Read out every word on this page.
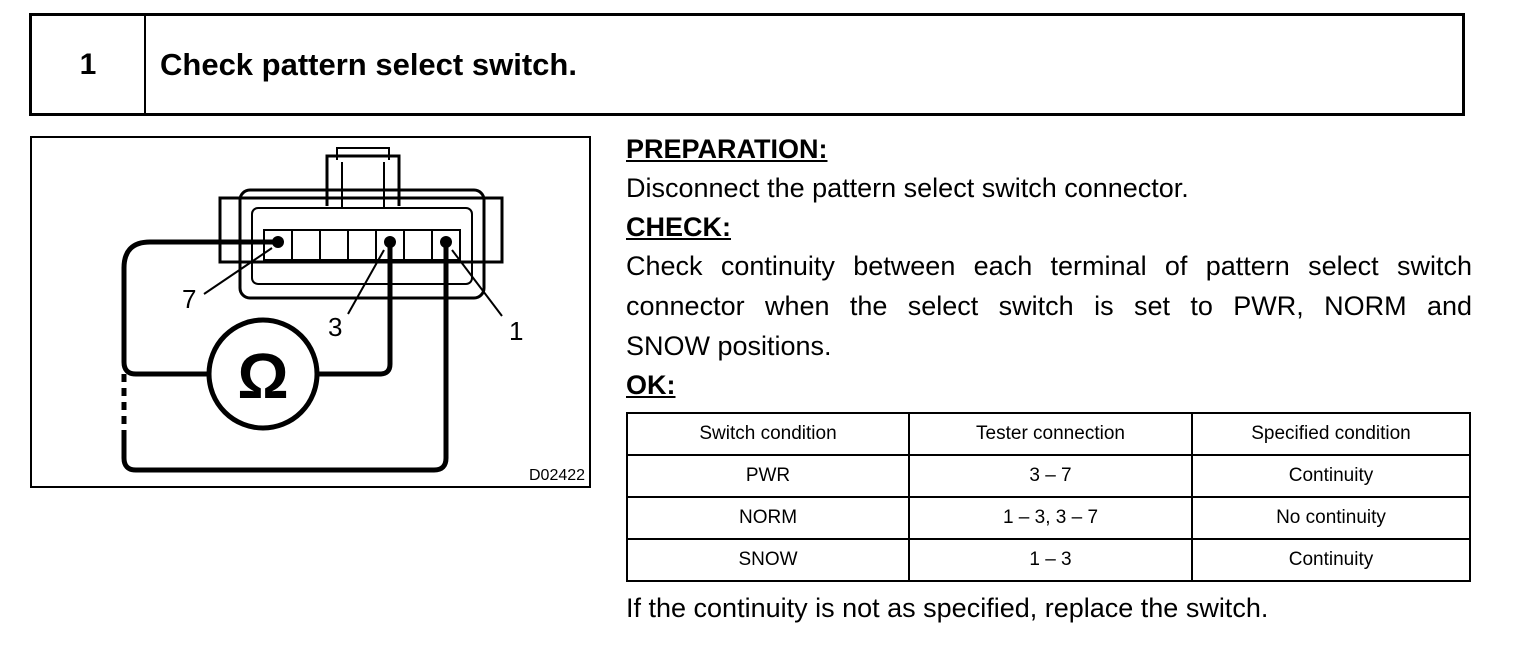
1	Check pattern select switch.
Ω
7
3	1
D02422

PREPARATION:

Disconnect the pattern select switch connector.

CHECK:

Check continuity between each terminal of pattern select switch

connector when the select switch is set to PWR, NORM and

SNOW positions.

OK:

Switch condition	Tester connection	Specified condition
PWR	3 – 7	Continuity
NORM	1 – 3, 3 – 7	No continuity
SNOW	1 – 3	Continuity

If the continuity is not as specified, replace the switch.
